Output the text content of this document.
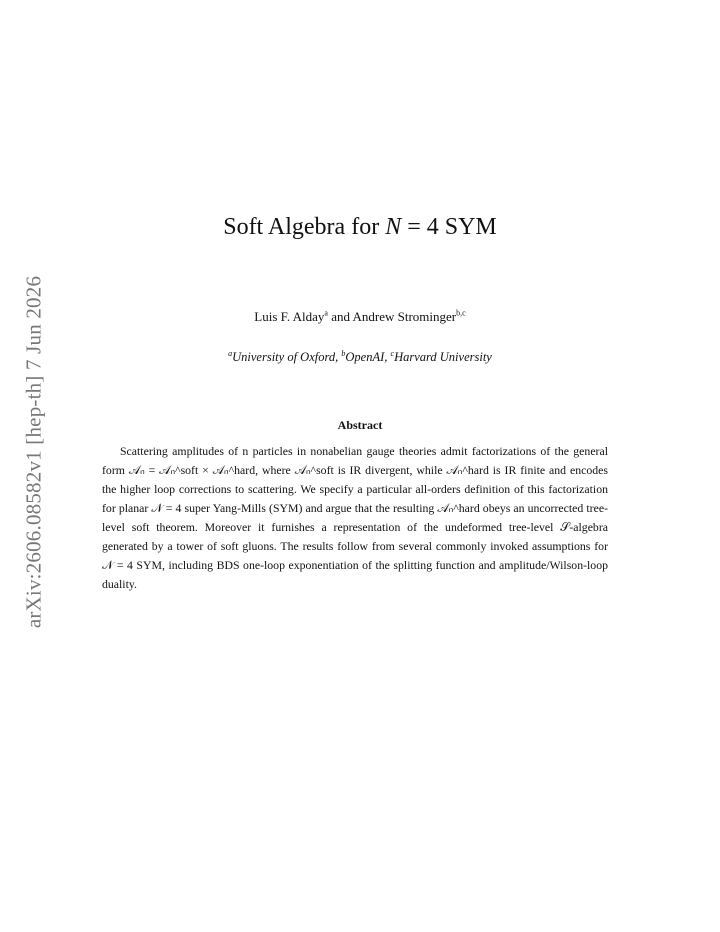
arXiv:2606.08582v1 [hep-th] 7 Jun 2026
Soft Algebra for N = 4 SYM
Luis F. Alday$^a$ and Andrew Strominger$^{b,c}$
$^a$University of Oxford, $^b$OpenAI, $^c$Harvard University
Abstract
Scattering amplitudes of n particles in nonabelian gauge theories admit factorizations of the general form 𝒜ₙ = 𝒜ₙ^soft × 𝒜ₙ^hard, where 𝒜ₙ^soft is IR divergent, while 𝒜ₙ^hard is IR finite and encodes the higher loop corrections to scattering. We specify a particular all-orders definition of this factorization for planar 𝒩 = 4 super Yang-Mills (SYM) and argue that the resulting 𝒜ₙ^hard obeys an uncorrected tree-level soft theorem. Moreover it furnishes a representation of the undeformed tree-level 𝒮-algebra generated by a tower of soft gluons. The results follow from several commonly invoked assumptions for 𝒩 = 4 SYM, including BDS one-loop exponentiation of the splitting function and amplitude/Wilson-loop duality.
